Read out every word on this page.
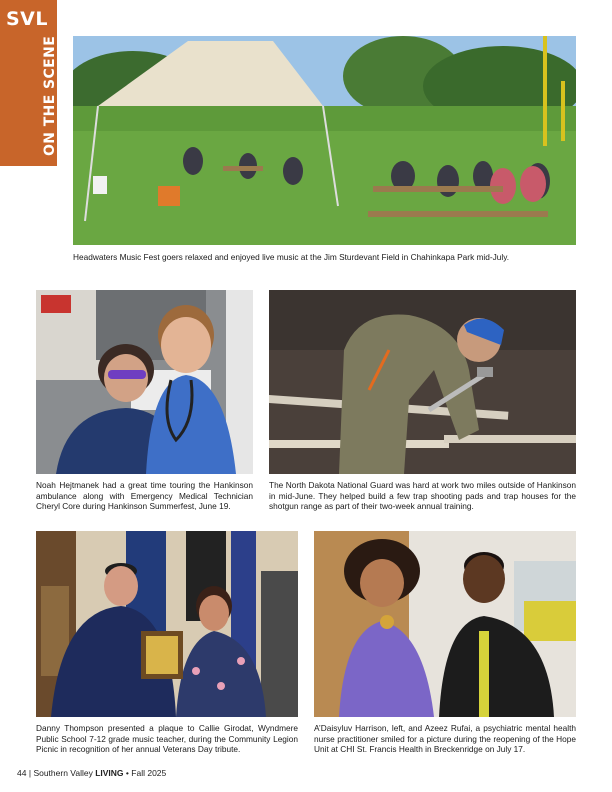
SVL
ON THE SCENE
Headwaters Music Fest goers relaxed and enjoyed live music at the Jim Sturdevant Field in Chahinkapa Park mid-July.
Noah Hejtmanek had a great time touring the Hankinson ambulance along with Emergency Medical Technician Cheryl Core during Hankinson Summerfest, June 19.
The North Dakota National Guard was hard at work two miles outside of Hankinson in mid-June. They helped build a few trap shooting pads and trap houses for the shotgun range as part of their two-week annual training.
Danny Thompson presented a plaque to Callie Girodat, Wyndmere Public School 7-12 grade music teacher, during the Community Legion Picnic in recognition of her annual Veterans Day tribute.
A’Daisyluv Harrison, left, and Azeez Rufai, a psychiatric mental health nurse practitioner smiled for a picture during the reopening of the Hope Unit at CHI St. Francis Health in Breckenridge on July 17.
44 | Southern Valley LIVING • Fall 2025
